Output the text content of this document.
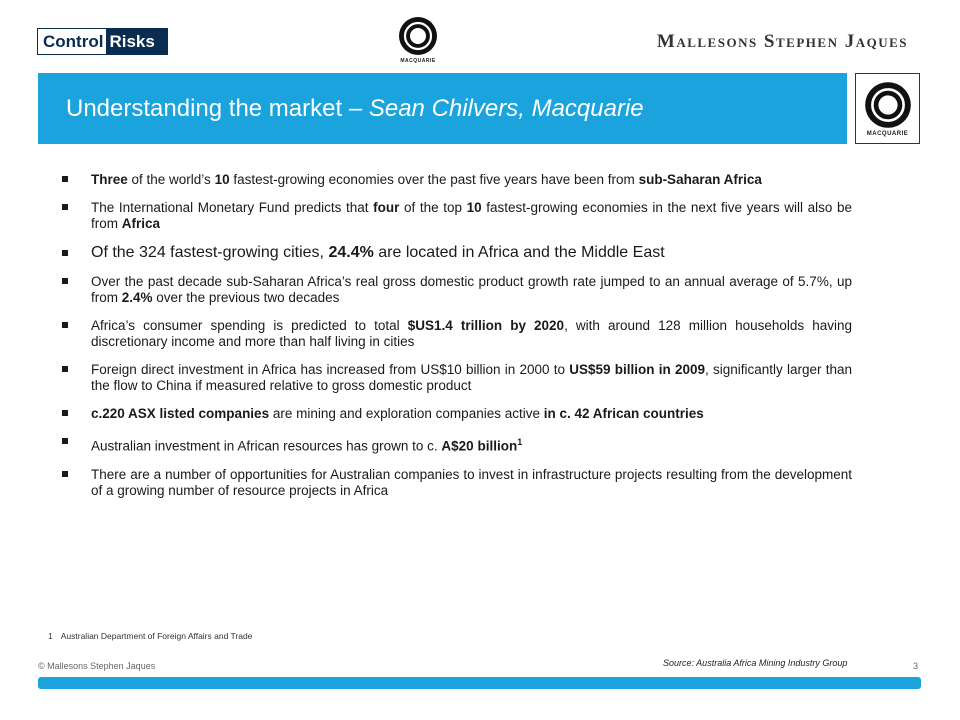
Control Risks
MACQUARIE
Mallesons Stephen Jaques
Understanding the market – Sean Chilvers, Macquarie
MACQUARIE
Three of the world’s 10 fastest-growing economies over the past five years have been from sub-Saharan Africa
The International Monetary Fund predicts that four of the top 10 fastest-growing economies in the next five years will also be from Africa
Of the 324 fastest-growing cities, 24.4% are located in Africa and the Middle East
Over the past decade sub-Saharan Africa’s real gross domestic product growth rate jumped to an annual average of 5.7%, up from 2.4% over the previous two decades
Africa’s consumer spending is predicted to total $US1.4 trillion by 2020, with around 128 million households having discretionary income and more than half living in cities
Foreign direct investment in Africa has increased from US$10 billion in 2000 to US$59 billion in 2009, significantly larger than the flow to China if measured relative to gross domestic product
c.220 ASX listed companies are mining and exploration companies active in c. 42 African countries
Australian investment in African resources has grown to c. A$20 billion$^1$
There are a number of opportunities for Australian companies to invest in infrastructure projects resulting from the development of a growing number of resource projects in Africa
1 Australian Department of Foreign Affairs and Trade
Source: Australia Africa Mining Industry Group
© Mallesons Stephen Jaques	3
